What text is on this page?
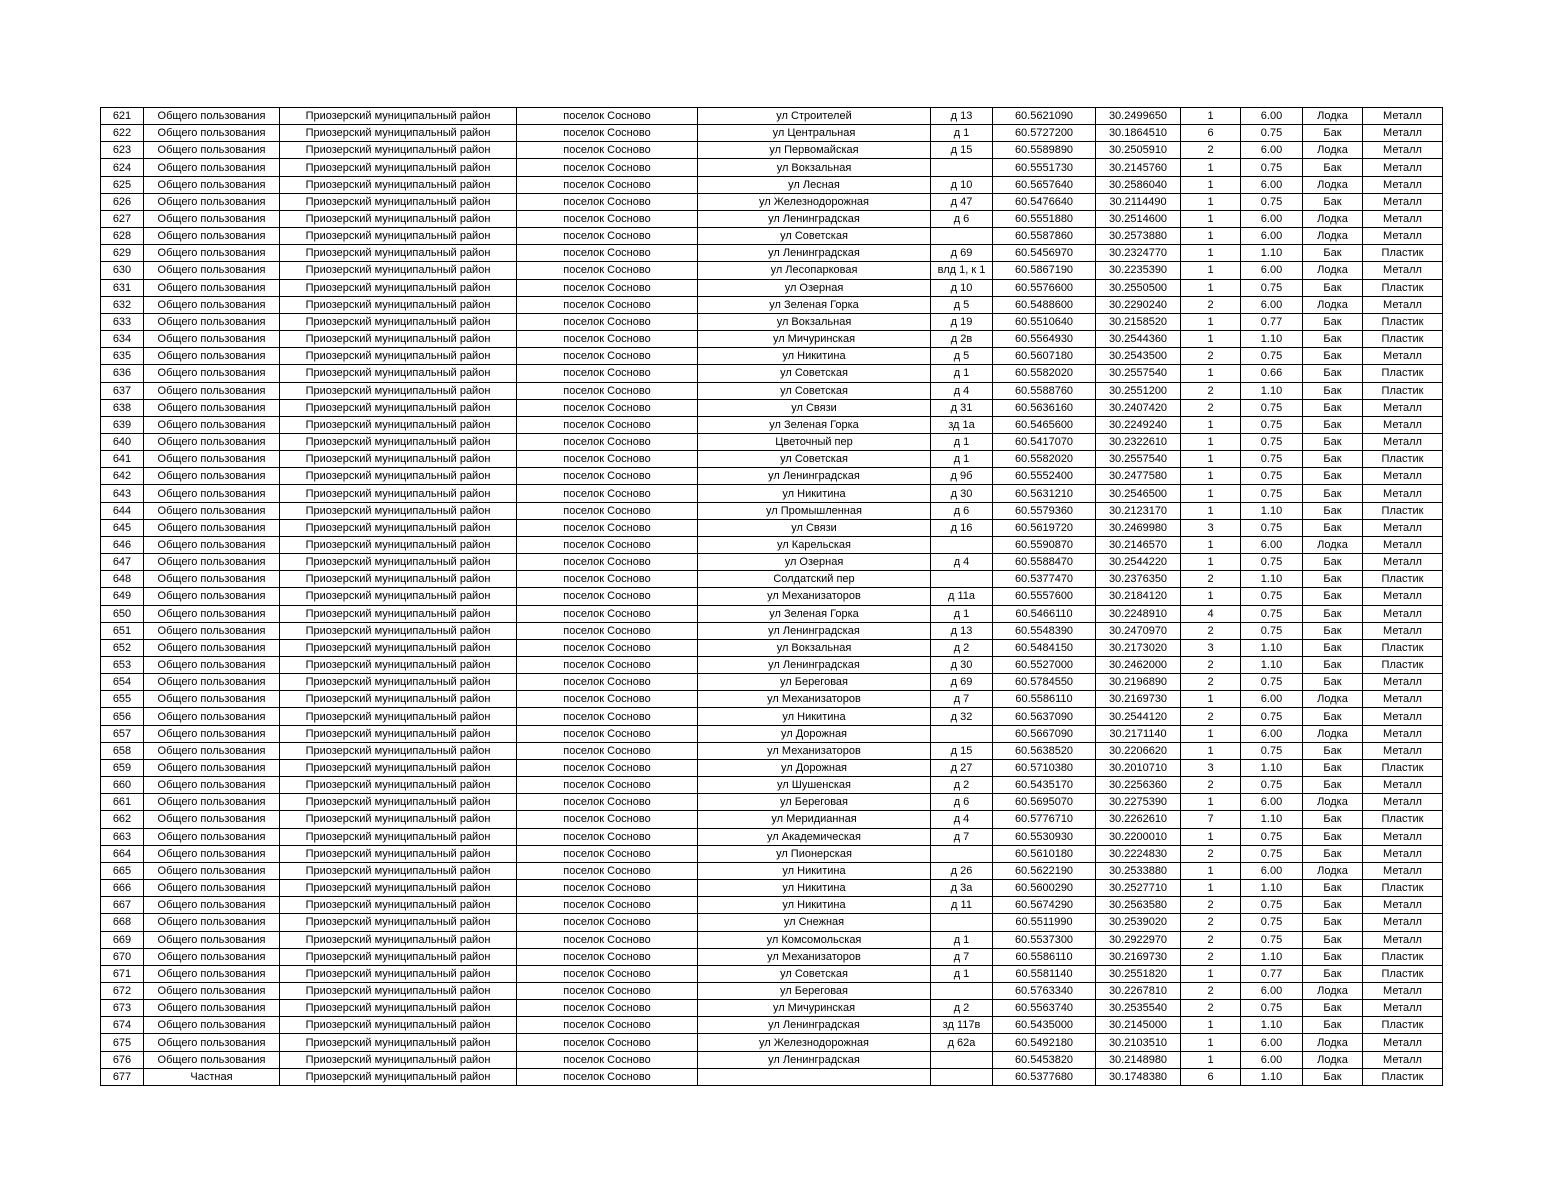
621	Общего пользования	Приозерский муниципальный район	поселок Сосново	ул Строителей	д 13	60.5621090	30.2499650	1	6.00	Лодка	Металл
622	Общего пользования	Приозерский муниципальный район	поселок Сосново	ул Центральная	д 1	60.5727200	30.1864510	6	0.75	Бак	Металл
623	Общего пользования	Приозерский муниципальный район	поселок Сосново	ул Первомайская	д 15	60.5589890	30.2505910	2	6.00	Лодка	Металл
624	Общего пользования	Приозерский муниципальный район	поселок Сосново	ул Вокзальная		60.5551730	30.2145760	1	0.75	Бак	Металл
625	Общего пользования	Приозерский муниципальный район	поселок Сосново	ул Лесная	д 10	60.5657640	30.2586040	1	6.00	Лодка	Металл
626	Общего пользования	Приозерский муниципальный район	поселок Сосново	ул Железнодорожная	д 47	60.5476640	30.2114490	1	0.75	Бак	Металл
627	Общего пользования	Приозерский муниципальный район	поселок Сосново	ул Ленинградская	д 6	60.5551880	30.2514600	1	6.00	Лодка	Металл
628	Общего пользования	Приозерский муниципальный район	поселок Сосново	ул Советская		60.5587860	30.2573880	1	6.00	Лодка	Металл
629	Общего пользования	Приозерский муниципальный район	поселок Сосново	ул Ленинградская	д 69	60.5456970	30.2324770	1	1.10	Бак	Пластик
630	Общего пользования	Приозерский муниципальный район	поселок Сосново	ул Лесопарковая	влд 1, к 1	60.5867190	30.2235390	1	6.00	Лодка	Металл
631	Общего пользования	Приозерский муниципальный район	поселок Сосново	ул Озерная	д 10	60.5576600	30.2550500	1	0.75	Бак	Пластик
632	Общего пользования	Приозерский муниципальный район	поселок Сосново	ул Зеленая Горка	д 5	60.5488600	30.2290240	2	6.00	Лодка	Металл
633	Общего пользования	Приозерский муниципальный район	поселок Сосново	ул Вокзальная	д 19	60.5510640	30.2158520	1	0.77	Бак	Пластик
634	Общего пользования	Приозерский муниципальный район	поселок Сосново	ул Мичуринская	д 2в	60.5564930	30.2544360	1	1.10	Бак	Пластик
635	Общего пользования	Приозерский муниципальный район	поселок Сосново	ул Никитина	д 5	60.5607180	30.2543500	2	0.75	Бак	Металл
636	Общего пользования	Приозерский муниципальный район	поселок Сосново	ул Советская	д 1	60.5582020	30.2557540	1	0.66	Бак	Пластик
637	Общего пользования	Приозерский муниципальный район	поселок Сосново	ул Советская	д 4	60.5588760	30.2551200	2	1.10	Бак	Пластик
638	Общего пользования	Приозерский муниципальный район	поселок Сосново	ул Связи	д 31	60.5636160	30.2407420	2	0.75	Бак	Металл
639	Общего пользования	Приозерский муниципальный район	поселок Сосново	ул Зеленая Горка	зд 1а	60.5465600	30.2249240	1	0.75	Бак	Металл
640	Общего пользования	Приозерский муниципальный район	поселок Сосново	Цветочный пер	д 1	60.5417070	30.2322610	1	0.75	Бак	Металл
641	Общего пользования	Приозерский муниципальный район	поселок Сосново	ул Советская	д 1	60.5582020	30.2557540	1	0.75	Бак	Пластик
642	Общего пользования	Приозерский муниципальный район	поселок Сосново	ул Ленинградская	д 9б	60.5552400	30.2477580	1	0.75	Бак	Металл
643	Общего пользования	Приозерский муниципальный район	поселок Сосново	ул Никитина	д 30	60.5631210	30.2546500	1	0.75	Бак	Металл
644	Общего пользования	Приозерский муниципальный район	поселок Сосново	ул Промышленная	д 6	60.5579360	30.2123170	1	1.10	Бак	Пластик
645	Общего пользования	Приозерский муниципальный район	поселок Сосново	ул Связи	д 16	60.5619720	30.2469980	3	0.75	Бак	Металл
646	Общего пользования	Приозерский муниципальный район	поселок Сосново	ул Карельская		60.5590870	30.2146570	1	6.00	Лодка	Металл
647	Общего пользования	Приозерский муниципальный район	поселок Сосново	ул Озерная	д 4	60.5588470	30.2544220	1	0.75	Бак	Металл
648	Общего пользования	Приозерский муниципальный район	поселок Сосново	Солдатский пер		60.5377470	30.2376350	2	1.10	Бак	Пластик
649	Общего пользования	Приозерский муниципальный район	поселок Сосново	ул Механизаторов	д 11а	60.5557600	30.2184120	1	0.75	Бак	Металл
650	Общего пользования	Приозерский муниципальный район	поселок Сосново	ул Зеленая Горка	д 1	60.5466110	30.2248910	4	0.75	Бак	Металл
651	Общего пользования	Приозерский муниципальный район	поселок Сосново	ул Ленинградская	д 13	60.5548390	30.2470970	2	0.75	Бак	Металл
652	Общего пользования	Приозерский муниципальный район	поселок Сосново	ул Вокзальная	д 2	60.5484150	30.2173020	3	1.10	Бак	Пластик
653	Общего пользования	Приозерский муниципальный район	поселок Сосново	ул Ленинградская	д 30	60.5527000	30.2462000	2	1.10	Бак	Пластик
654	Общего пользования	Приозерский муниципальный район	поселок Сосново	ул Береговая	д 69	60.5784550	30.2196890	2	0.75	Бак	Металл
655	Общего пользования	Приозерский муниципальный район	поселок Сосново	ул Механизаторов	д 7	60.5586110	30.2169730	1	6.00	Лодка	Металл
656	Общего пользования	Приозерский муниципальный район	поселок Сосново	ул Никитина	д 32	60.5637090	30.2544120	2	0.75	Бак	Металл
657	Общего пользования	Приозерский муниципальный район	поселок Сосново	ул Дорожная		60.5667090	30.2171140	1	6.00	Лодка	Металл
658	Общего пользования	Приозерский муниципальный район	поселок Сосново	ул Механизаторов	д 15	60.5638520	30.2206620	1	0.75	Бак	Металл
659	Общего пользования	Приозерский муниципальный район	поселок Сосново	ул Дорожная	д 27	60.5710380	30.2010710	3	1.10	Бак	Пластик
660	Общего пользования	Приозерский муниципальный район	поселок Сосново	ул Шушенская	д 2	60.5435170	30.2256360	2	0.75	Бак	Металл
661	Общего пользования	Приозерский муниципальный район	поселок Сосново	ул Береговая	д 6	60.5695070	30.2275390	1	6.00	Лодка	Металл
662	Общего пользования	Приозерский муниципальный район	поселок Сосново	ул Меридианная	д 4	60.5776710	30.2262610	7	1.10	Бак	Пластик
663	Общего пользования	Приозерский муниципальный район	поселок Сосново	ул Академическая	д 7	60.5530930	30.2200010	1	0.75	Бак	Металл
664	Общего пользования	Приозерский муниципальный район	поселок Сосново	ул Пионерская		60.5610180	30.2224830	2	0.75	Бак	Металл
665	Общего пользования	Приозерский муниципальный район	поселок Сосново	ул Никитина	д 26	60.5622190	30.2533880	1	6.00	Лодка	Металл
666	Общего пользования	Приозерский муниципальный район	поселок Сосново	ул Никитина	д 3а	60.5600290	30.2527710	1	1.10	Бак	Пластик
667	Общего пользования	Приозерский муниципальный район	поселок Сосново	ул Никитина	д 11	60.5674290	30.2563580	2	0.75	Бак	Металл
668	Общего пользования	Приозерский муниципальный район	поселок Сосново	ул Снежная		60.5511990	30.2539020	2	0.75	Бак	Металл
669	Общего пользования	Приозерский муниципальный район	поселок Сосново	ул Комсомольская	д 1	60.5537300	30.2922970	2	0.75	Бак	Металл
670	Общего пользования	Приозерский муниципальный район	поселок Сосново	ул Механизаторов	д 7	60.5586110	30.2169730	2	1.10	Бак	Пластик
671	Общего пользования	Приозерский муниципальный район	поселок Сосново	ул Советская	д 1	60.5581140	30.2551820	1	0.77	Бак	Пластик
672	Общего пользования	Приозерский муниципальный район	поселок Сосново	ул Береговая		60.5763340	30.2267810	2	6.00	Лодка	Металл
673	Общего пользования	Приозерский муниципальный район	поселок Сосново	ул Мичуринская	д 2	60.5563740	30.2535540	2	0.75	Бак	Металл
674	Общего пользования	Приозерский муниципальный район	поселок Сосново	ул Ленинградская	зд 117в	60.5435000	30.2145000	1	1.10	Бак	Пластик
675	Общего пользования	Приозерский муниципальный район	поселок Сосново	ул Железнодорожная	д 62а	60.5492180	30.2103510	1	6.00	Лодка	Металл
676	Общего пользования	Приозерский муниципальный район	поселок Сосново	ул Ленинградская		60.5453820	30.2148980	1	6.00	Лодка	Металл
677	Частная	Приозерский муниципальный район	поселок Сосново			60.5377680	30.1748380	6	1.10	Бак	Пластик
